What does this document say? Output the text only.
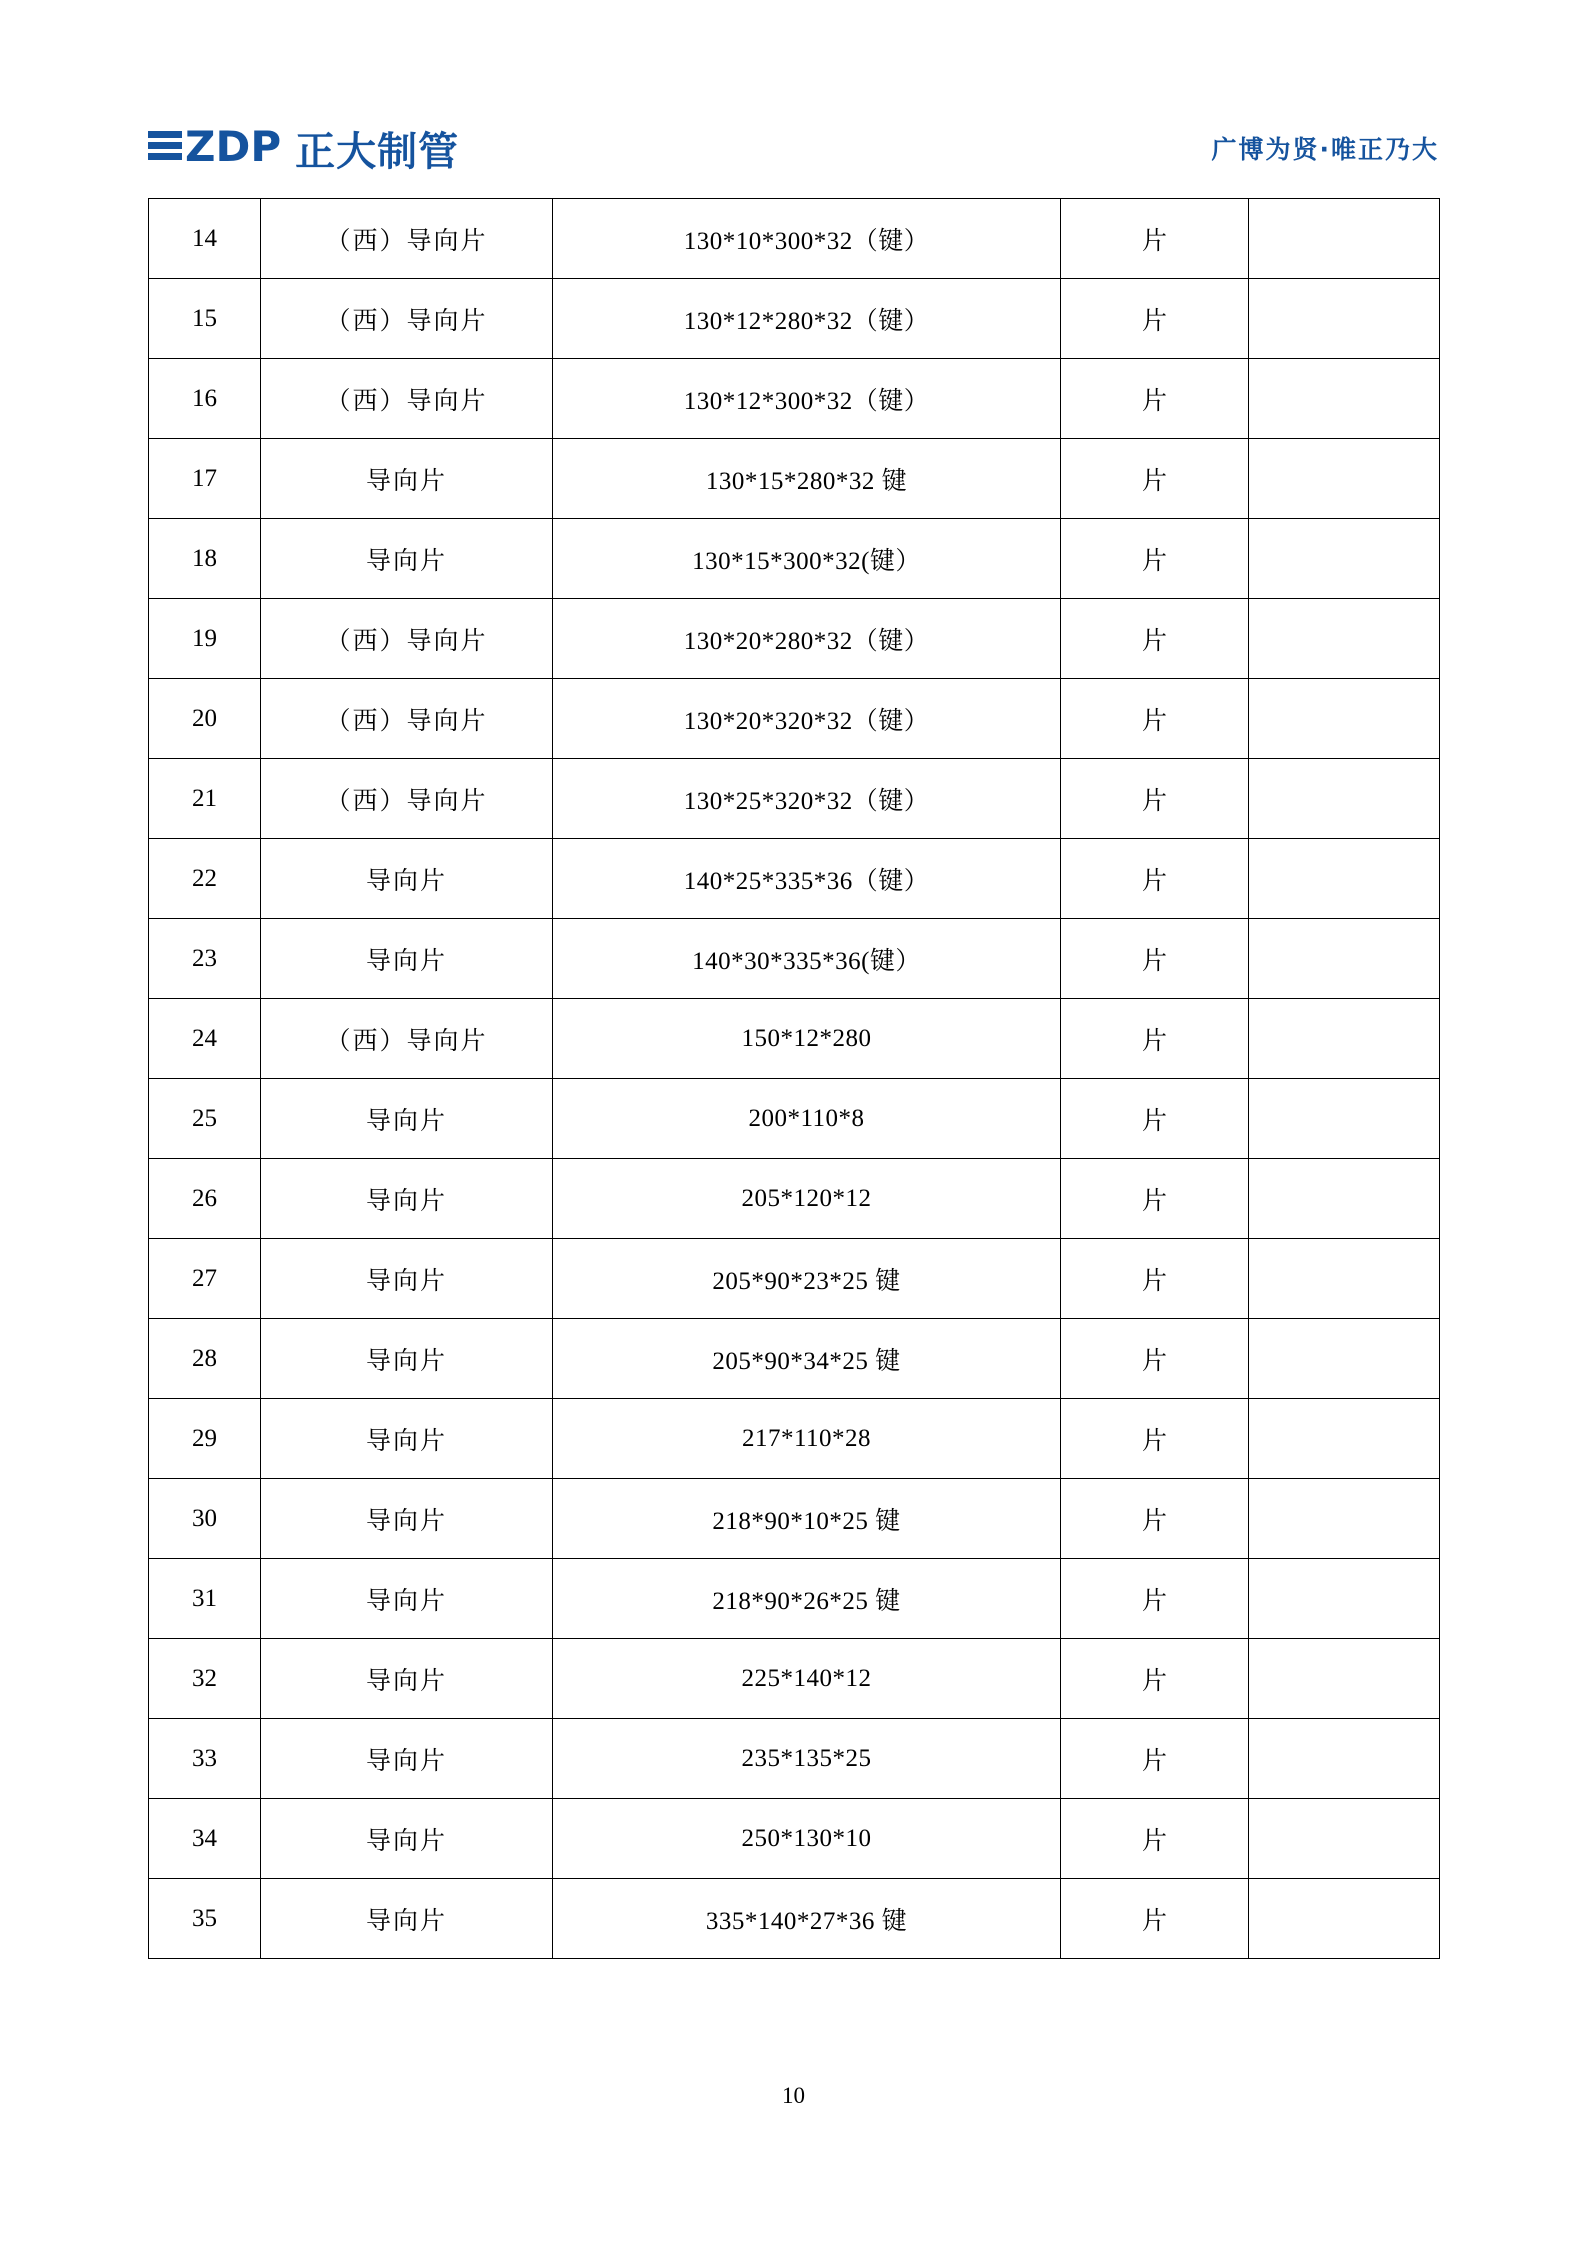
ZDP 正大制管	广博为贤·唯正乃大
14	（西）导向片	130*10*300*32（键）	片	
15	（西）导向片	130*12*280*32（键）	片	
16	（西）导向片	130*12*300*32（键）	片	
17	导向片	130*15*280*32 键	片	
18	导向片	130*15*300*32(键）	片	
19	（西）导向片	130*20*280*32（键）	片	
20	（西）导向片	130*20*320*32（键）	片	
21	（西）导向片	130*25*320*32（键）	片	
22	导向片	140*25*335*36（键）	片	
23	导向片	140*30*335*36(键）	片	
24	（西）导向片	150*12*280	片	
25	导向片	200*110*8	片	
26	导向片	205*120*12	片	
27	导向片	205*90*23*25 键	片	
28	导向片	205*90*34*25 键	片	
29	导向片	217*110*28	片	
30	导向片	218*90*10*25 键	片	
31	导向片	218*90*26*25 键	片	
32	导向片	225*140*12	片	
33	导向片	235*135*25	片	
34	导向片	250*130*10	片	
35	导向片	335*140*27*36 键	片	
10
